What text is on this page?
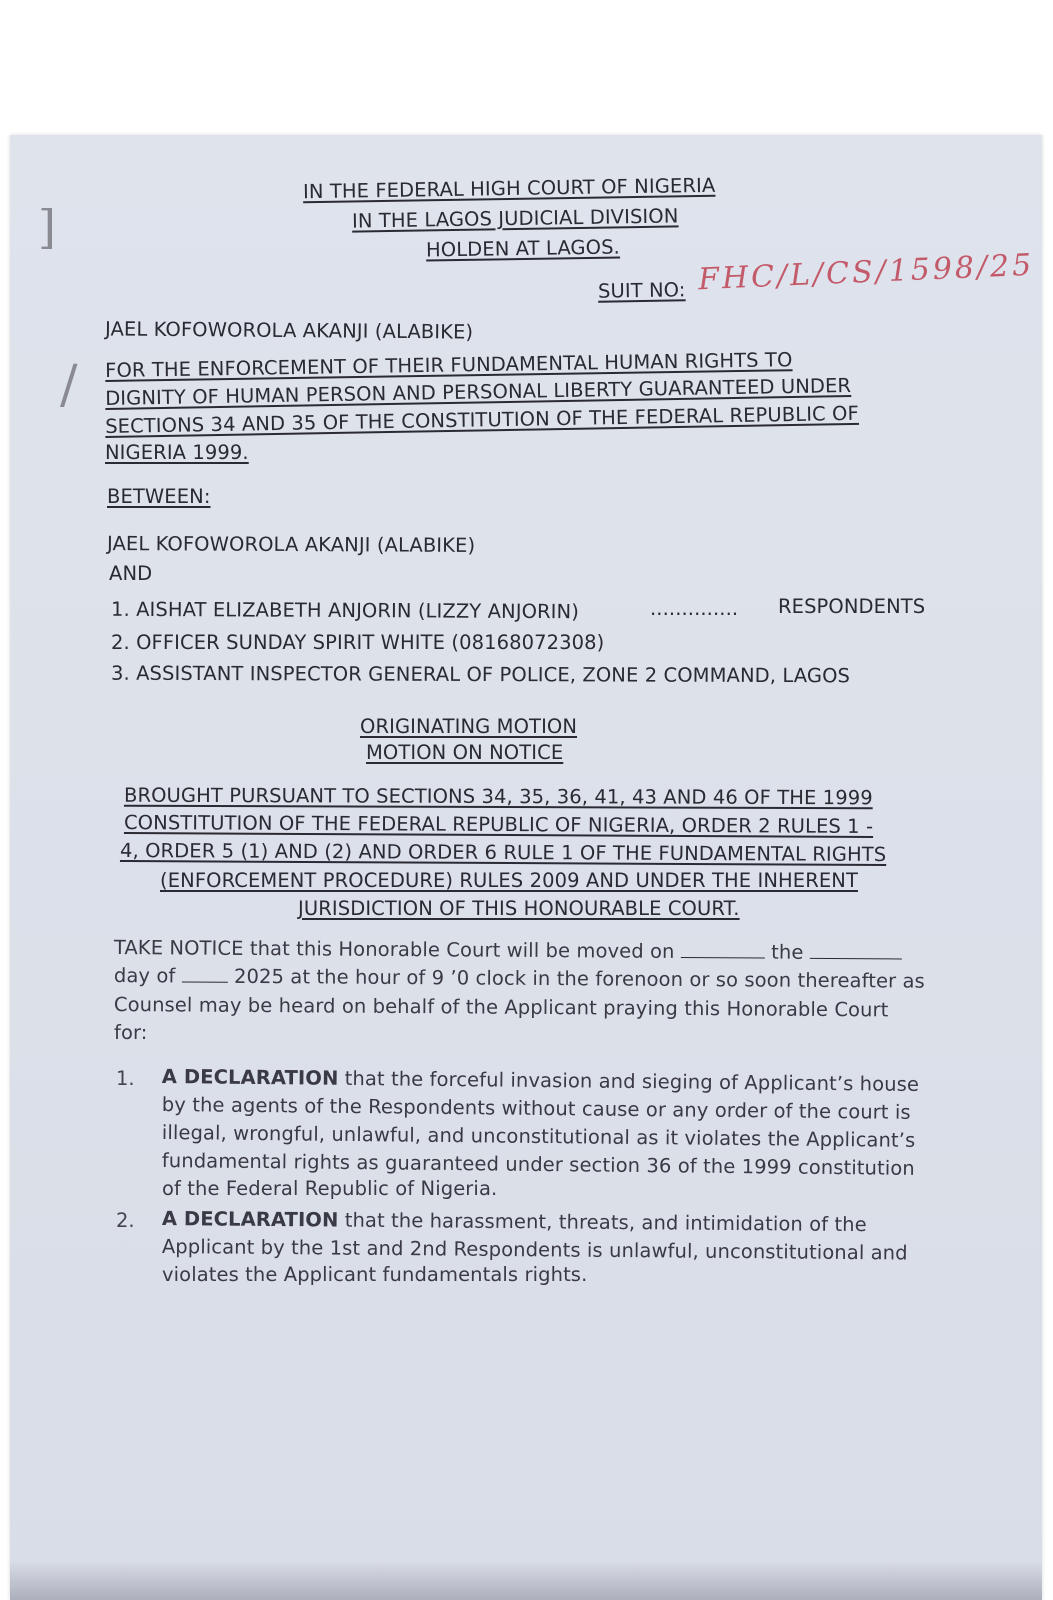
]
/
IN THE FEDERAL HIGH COURT OF NIGERIA
IN THE LAGOS JUDICIAL DIVISION
HOLDEN AT LAGOS.
SUIT NO: FHC/L/CS/1598/25
JAEL KOFOWOROLA AKANJI (ALABIKE)
FOR THE ENFORCEMENT OF THEIR FUNDAMENTAL HUMAN RIGHTS TO
DIGNITY OF HUMAN PERSON AND PERSONAL LIBERTY GUARANTEED UNDER
SECTIONS 34 AND 35 OF THE CONSTITUTION OF THE FEDERAL REPUBLIC OF
NIGERIA 1999.
BETWEEN:
JAEL KOFOWOROLA AKANJI (ALABIKE)
AND
1. AISHAT ELIZABETH ANJORIN (LIZZY ANJORIN)	.............. RESPONDENTS
2. OFFICER SUNDAY SPIRIT WHITE (08168072308)
3. ASSISTANT INSPECTOR GENERAL OF POLICE, ZONE 2 COMMAND, LAGOS
ORIGINATING MOTION
MOTION ON NOTICE
BROUGHT PURSUANT TO SECTIONS 34, 35, 36, 41, 43 AND 46 OF THE 1999
CONSTITUTION OF THE FEDERAL REPUBLIC OF NIGERIA, ORDER 2 RULES 1 -
4, ORDER 5 (1) AND (2) AND ORDER 6 RULE 1 OF THE FUNDAMENTAL RIGHTS
(ENFORCEMENT PROCEDURE) RULES 2009 AND UNDER THE INHERENT
JURISDICTION OF THIS HONOURABLE COURT.
TAKE NOTICE that this Honorable Court will be moved on	the
day of	2025 at the hour of 9 ’0 clock in the forenoon or so soon thereafter as
Counsel may be heard on behalf of the Applicant praying this Honorable Court
for:
1. A DECLARATION that the forceful invasion and sieging of Applicant’s house
by the agents of the Respondents without cause or any order of the court is
illegal, wrongful, unlawful, and unconstitutional as it violates the Applicant’s
fundamental rights as guaranteed under section 36 of the 1999 constitution
of the Federal Republic of Nigeria.
2. A DECLARATION that the harassment, threats, and intimidation of the
Applicant by the 1st and 2nd Respondents is unlawful, unconstitutional and
violates the Applicant fundamentals rights.
